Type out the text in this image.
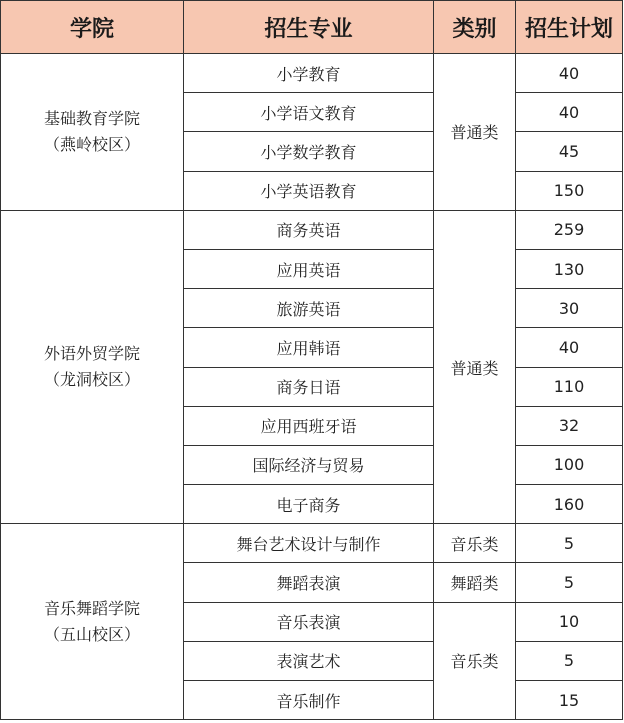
学院	招生专业	类别	招生计划

基础教育学院
（燕岭校区）	小学教育	普通类	40
	小学语文教育		40
	小学数学教育		45
	小学英语教育		150

外语外贸学院
（龙洞校区）	商务英语	普通类	259
	应用英语		130
	旅游英语		30
	应用韩语		40
	商务日语		110
	应用西班牙语		32
	国际经济与贸易		100
	电子商务		160

音乐舞蹈学院
（五山校区）	舞台艺术设计与制作	音乐类	5
	舞蹈表演	舞蹈类	5
	音乐表演	音乐类	10
	表演艺术		5
	音乐制作		15
